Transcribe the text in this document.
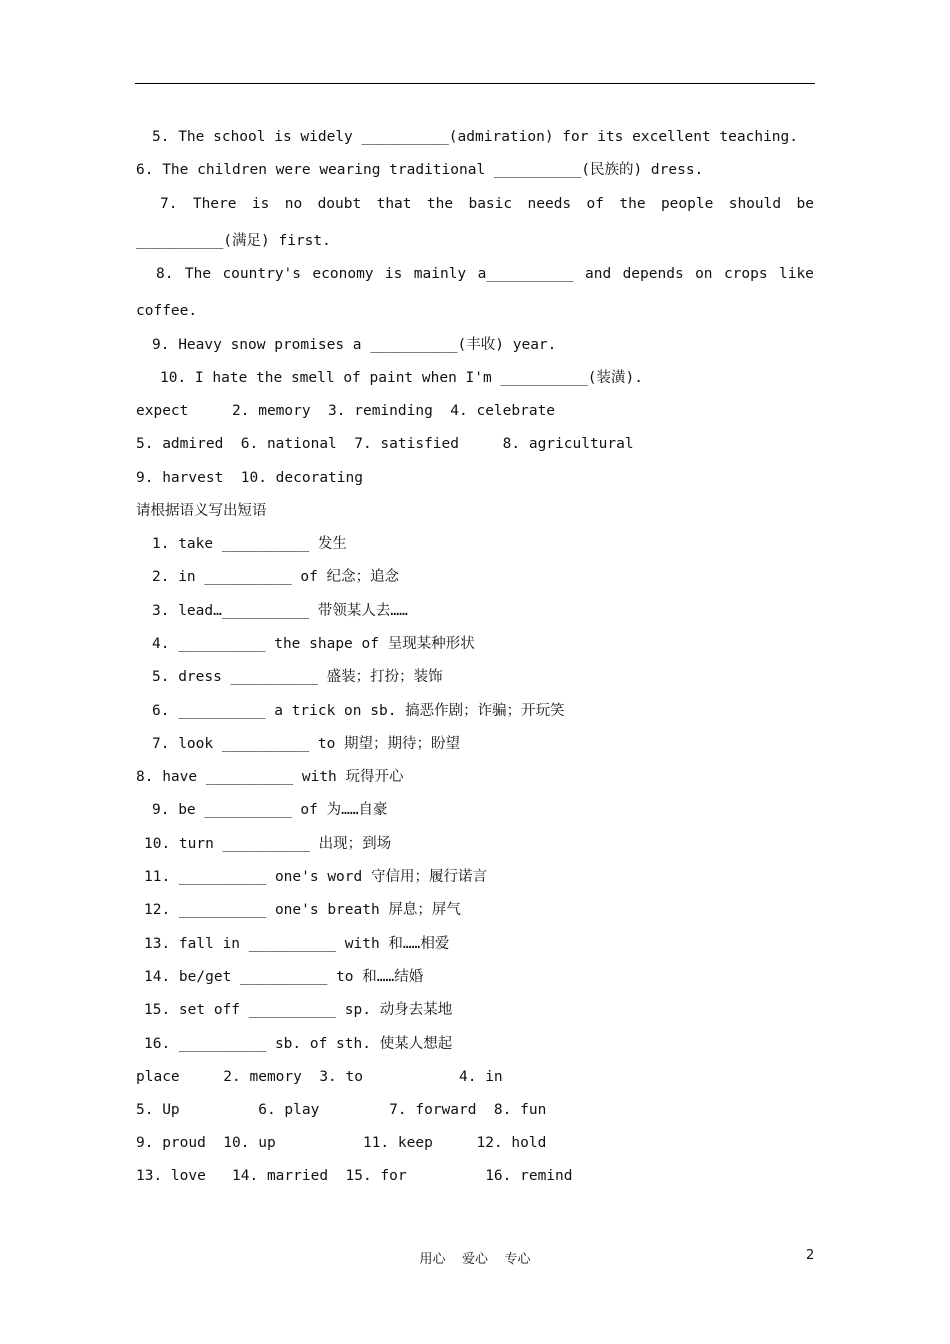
5. The school is widely __________(admiration) for its excellent teaching.
6. The children were wearing traditional __________(民族的) dress.
__________(满足) first.
coffee.
9. Heavy snow promises a __________(丰收) year.
10. I hate the smell of paint when I'm __________(装潢).
expect     2. memory  3. reminding  4. celebrate
5. admired  6. national  7. satisfied     8. agricultural
9. harvest  10. decorating
请根据语义写出短语
1. take __________ 发生
2. in __________ of 纪念；追念
3. lead…__________ 带领某人去……
4. __________ the shape of 呈现某种形状
5. dress __________ 盛装；打扮；装饰
6. __________ a trick on sb. 搞恶作剧；诈骗；开玩笑
7. look __________ to 期望；期待；盼望
8. have __________ with 玩得开心
9. be __________ of 为……自豪
10. turn __________ 出现；到场
11. __________ one's word 守信用；履行诺言
12. __________ one's breath 屏息；屏气
13. fall in __________ with 和……相爱
14. be/get __________ to 和……结婚
15. set off __________ sp. 动身去某地
16. __________ sb. of sth. 使某人想起
place     2. memory  3. to           4. in
5. Up         6. play        7. forward  8. fun
9. proud  10. up          11. keep     12. hold
13. love   14. married  15. for         16. remind
7. There is no doubt that the basic needs of the people should be
8. The country's economy is mainly a__________ and depends on crops like
用心    爱心    专心	2
